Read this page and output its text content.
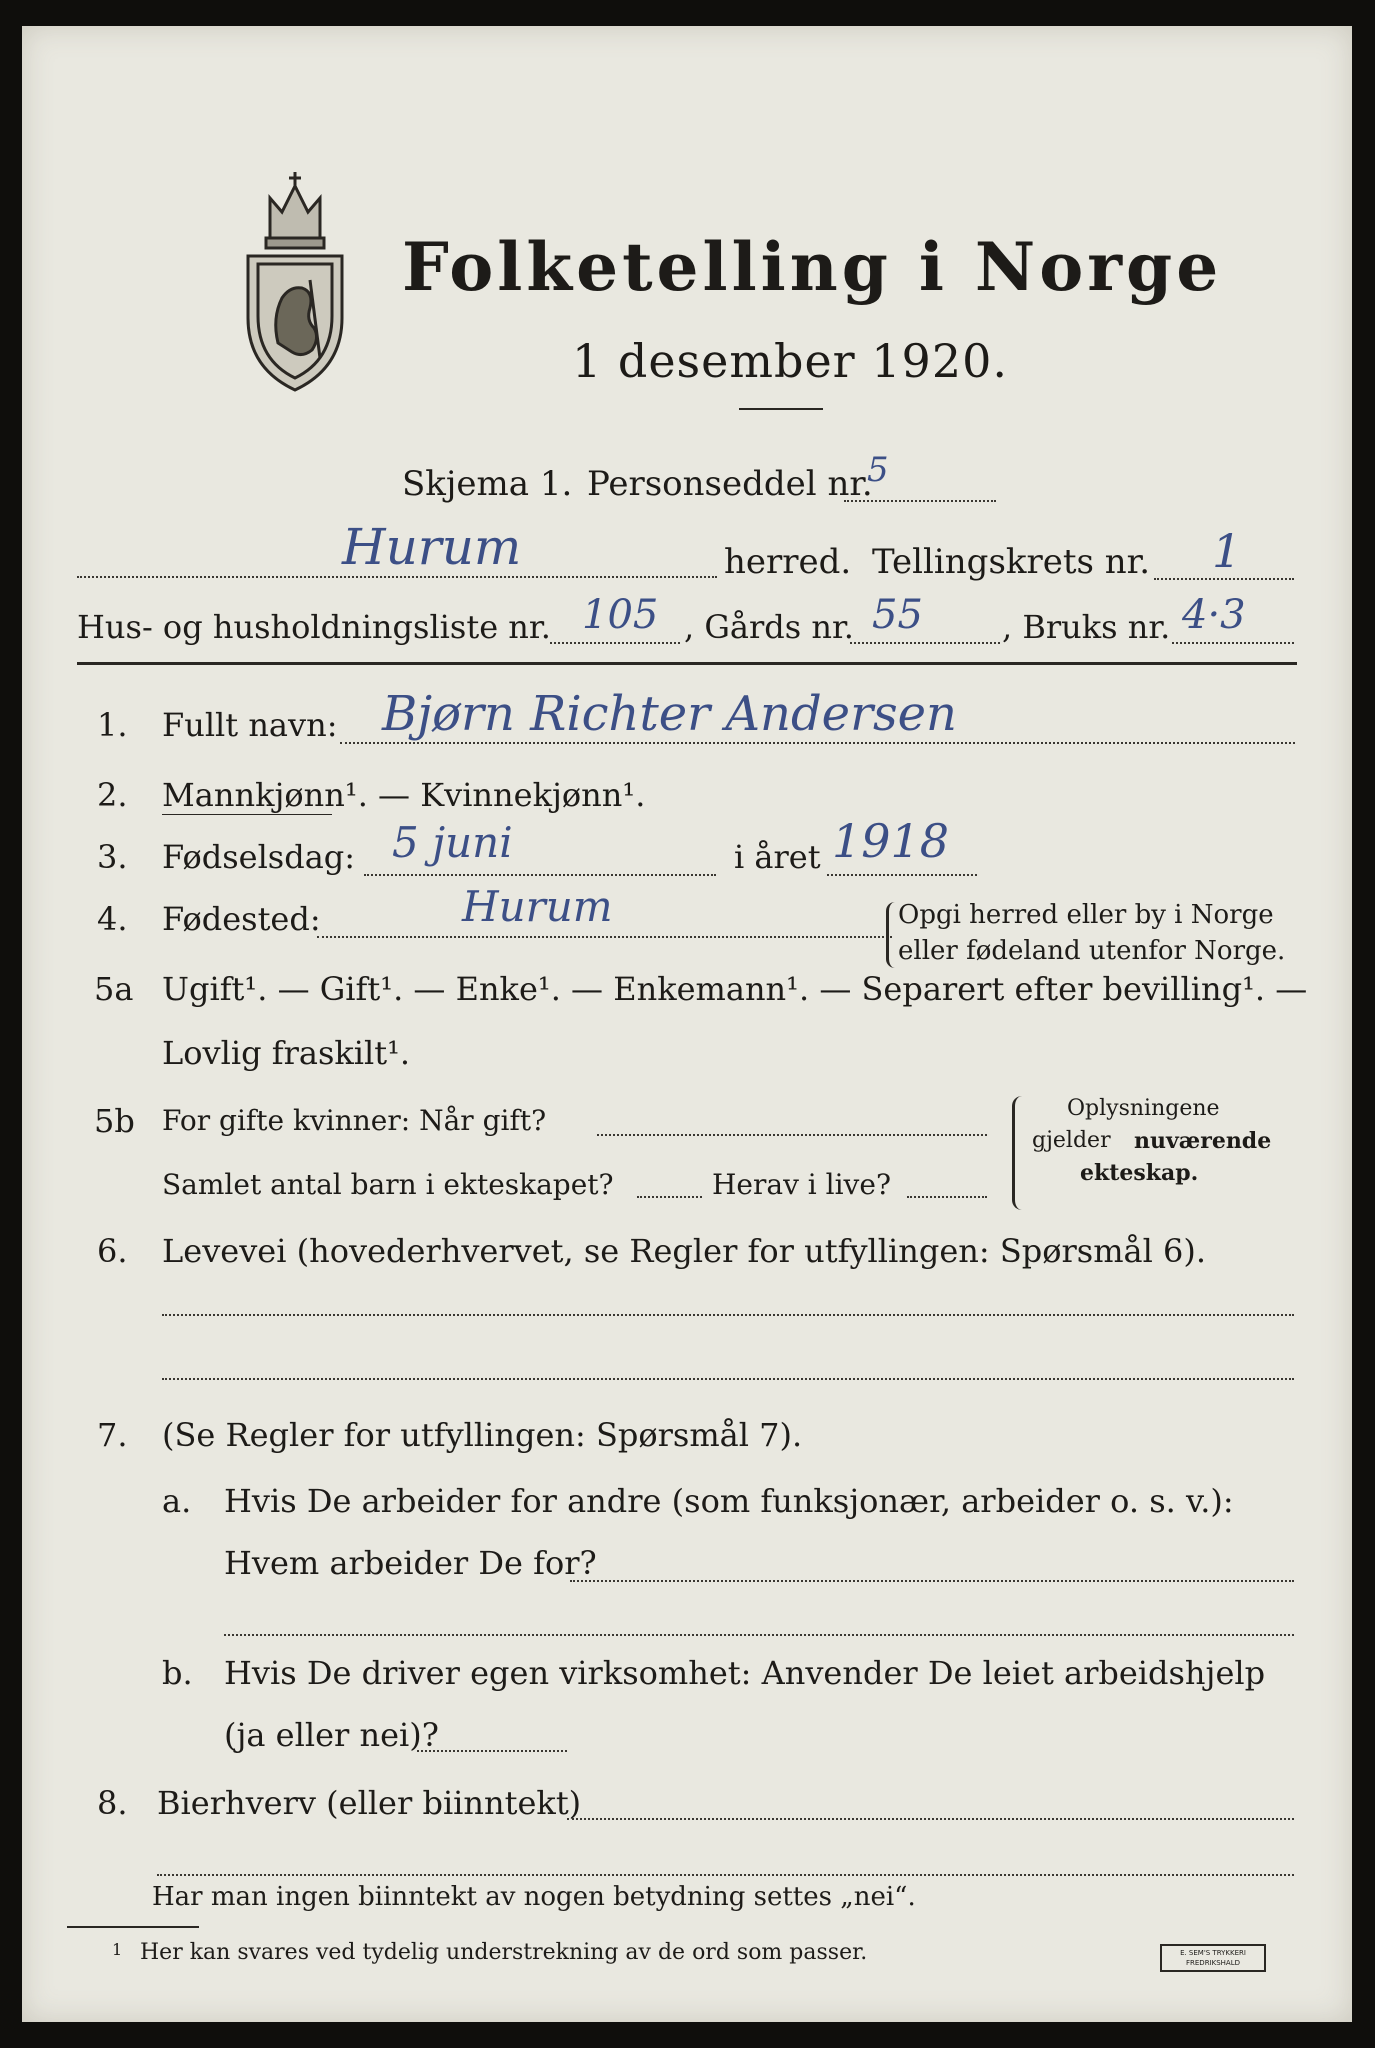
Folketelling i Norge
1 desember 1920.
Skjema 1. Personseddel nr.
5
Hurum	herred. Tellingskrets nr. 1
Hus- og husholdningsliste nr. 105 , Gårds nr. 55 , Bruks nr. 4·3
1. Fullt navn: Bjørn Richter Andersen
2. Mannkjønn¹. — Kvinnekjønn¹.
3. Fødselsdag: 5 juni	i året 1918
4. Fødested:	Hurum	Opgi herred eller by i Norge
eller fødeland utenfor Norge.
5a Ugift¹. — Gift¹. — Enke¹. — Enkemann¹. — Separert efter bevilling¹. —
Lovlig fraskilt¹.
5b For gifte kvinner: Når gift?
Samlet antal barn i ekteskapet?	Herav i live?
Oplysningene
gjelder nuværende
ekteskap.
6. Levevei (hovederhvervet, se Regler for utfyllingen: Spørsmål 6).
7. (Se Regler for utfyllingen: Spørsmål 7).
a. Hvis De arbeider for andre (som funksjonær, arbeider o. s. v.):
Hvem arbeider De for?
b. Hvis De driver egen virksomhet: Anvender De leiet arbeidshjelp
(ja eller nei)?
8. Bierhverv (eller biinntekt)
Har man ingen biinntekt av nogen betydning settes „nei“.
1 Her kan svares ved tydelig understrekning av de ord som passer.	E. SEM'S TRYKKERI FREDRIKSHALD
